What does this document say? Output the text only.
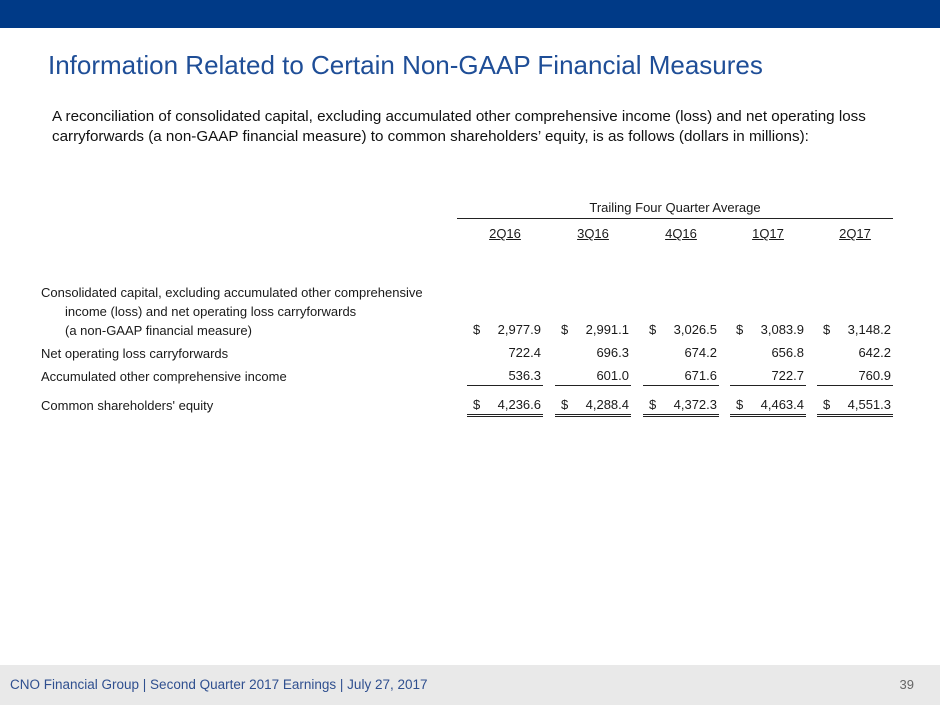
Information Related to Certain Non-GAAP Financial Measures

A reconciliation of consolidated capital, excluding accumulated other comprehensive income (loss) and net operating loss carryforwards (a non-GAAP financial measure) to common shareholders’ equity, is as follows (dollars in millions):

Trailing Four Quarter Average
2Q16	3Q16	4Q16	1Q17	2Q17
Consolidated capital, excluding accumulated other comprehensive
income (loss) and net operating loss carryforwards
(a non-GAAP financial measure)	$ 2,977.9 $ 2,991.1 $ 3,026.5 $ 3,083.9 $ 3,148.2
Net operating loss carryforwards	722.4	696.3	674.2	656.8	642.2
Accumulated other comprehensive income	536.3	601.0	671.6	722.7	760.9
Common shareholders' equity	$ 4,236.6 $ 4,288.4 $ 4,372.3 $ 4,463.4 $ 4,551.3
CNO Financial Group | Second Quarter 2017 Earnings | July 27, 2017	39
